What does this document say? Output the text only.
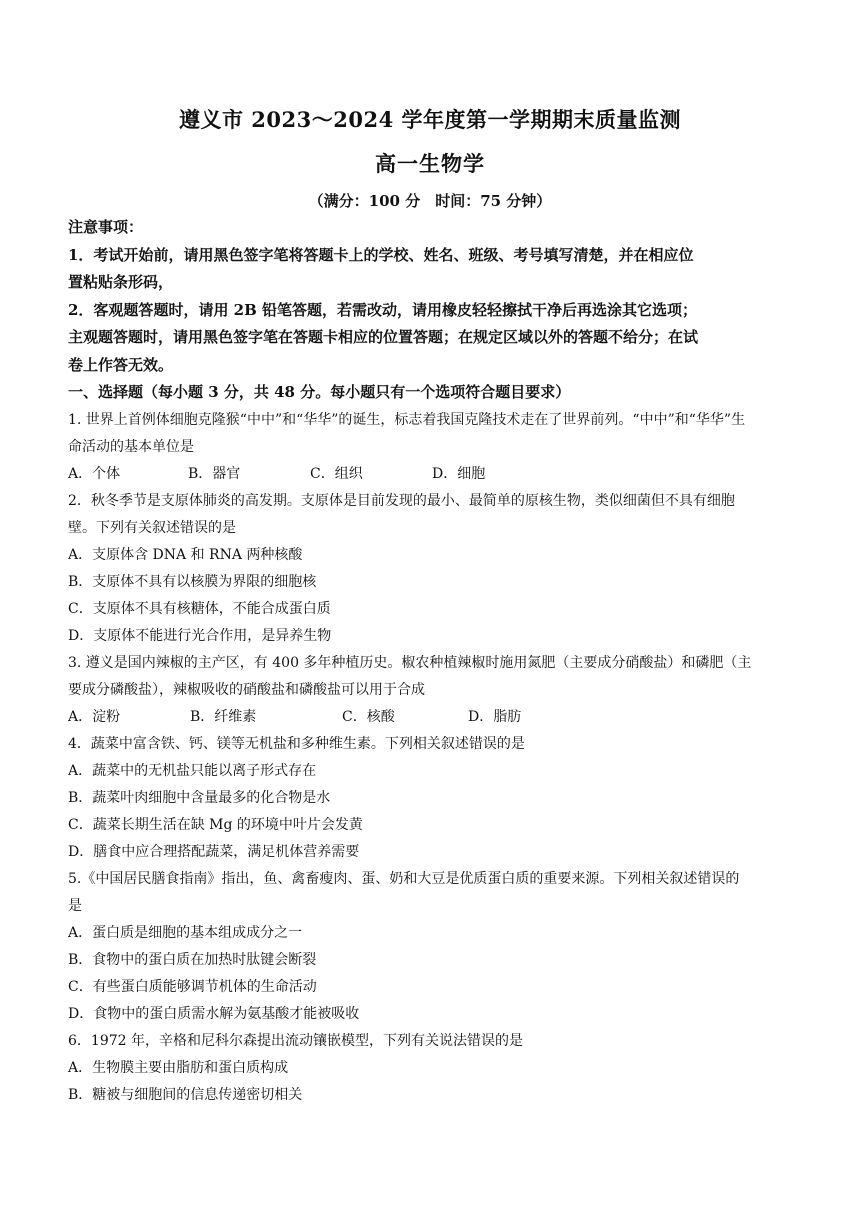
遵义市 2023～2024 学年度第一学期期末质量监测
高一生物学
（满分：100 分　时间：75 分钟）
注意事项：
1．考试开始前，请用黑色签字笔将答题卡上的学校、姓名、班级、考号填写清楚，并在相应位
置粘贴条形码，
2．客观题答题时，请用 2B 铅笔答题，若需改动，请用橡皮轻轻擦拭干净后再选涂其它选项；
主观题答题时，请用黑色签字笔在答题卡相应的位置答题；在规定区域以外的答题不给分；在试
卷上作答无效。
一、选择题（每小题 3 分，共 48 分。每小题只有一个选项符合题目要求）
1. 世界上首例体细胞克隆猴“中中”和“华华”的诞生，标志着我国克隆技术走在了世界前列。“中中”和“华华”生
命活动的基本单位是
A．个体	B．器官	C．组织	D．细胞
2．秋冬季节是支原体肺炎的高发期。支原体是目前发现的最小、最简单的原核生物，类似细菌但不具有细胞
壁。下列有关叙述错误的是
A．支原体含 DNA 和 RNA 两种核酸
B．支原体不具有以核膜为界限的细胞核
C．支原体不具有核糖体，不能合成蛋白质
D．支原体不能进行光合作用，是异养生物
3. 遵义是国内辣椒的主产区，有 400 多年种植历史。椒农种植辣椒时施用氮肥（主要成分硝酸盐）和磷肥（主
要成分磷酸盐），辣椒吸收的硝酸盐和磷酸盐可以用于合成
A．淀粉	B．纤维素	C．核酸	D．脂肪
4．蔬菜中富含铁、钙、镁等无机盐和多种维生素。下列相关叙述错误的是
A．蔬菜中的无机盐只能以离子形式存在
B．蔬菜叶肉细胞中含量最多的化合物是水
C．蔬菜长期生活在缺 Mg 的环境中叶片会发黄
D．膳食中应合理搭配蔬菜，满足机体营养需要
5.《中国居民膳食指南》指出，鱼、禽畜瘦肉、蛋、奶和大豆是优质蛋白质的重要来源。下列相关叙述错误的
是
A．蛋白质是细胞的基本组成成分之一
B．食物中的蛋白质在加热时肽键会断裂
C．有些蛋白质能够调节机体的生命活动
D．食物中的蛋白质需水解为氨基酸才能被吸收
6．1972 年，辛格和尼科尔森提出流动镶嵌模型，下列有关说法错误的是
A．生物膜主要由脂肪和蛋白质构成
B．糖被与细胞间的信息传递密切相关
